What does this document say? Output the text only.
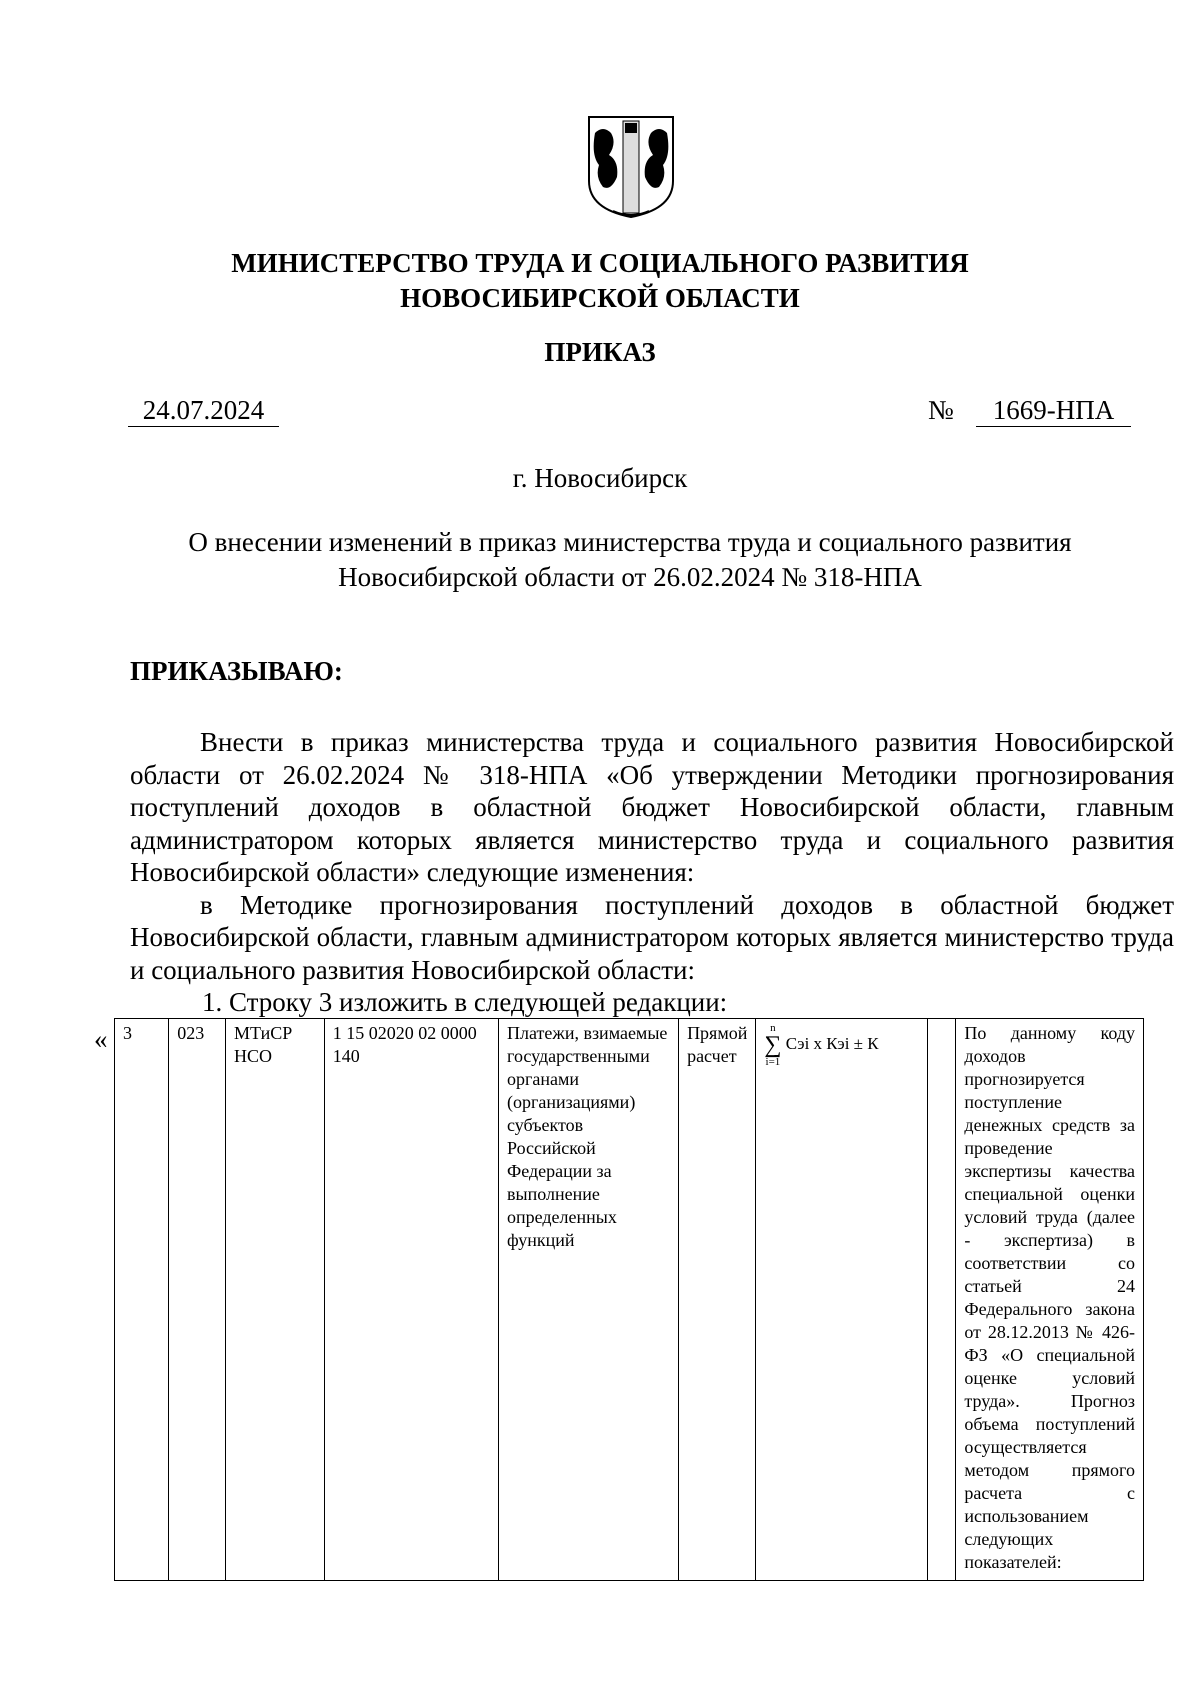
МИНИСТЕРСТВО ТРУДА И СОЦИАЛЬНОГО РАЗВИТИЯ
НОВОСИБИРСКОЙ ОБЛАСТИ
ПРИКАЗ
24.07.2024	№	1669-НПА
г. Новосибирск
О внесении изменений в приказ министерства труда и социального развития
Новосибирской области от 26.02.2024 № 318-НПА
ПРИКАЗЫВАЮ:

Внести в приказ министерства труда и социального развития Новосибирской области от 26.02.2024 № 318-НПА «Об утверждении Методики прогнозирования поступлений доходов в областной бюджет Новосибирской области, главным администратором которых является министерство труда и социального развития Новосибирской области» следующие изменения:

в Методике прогнозирования поступлений доходов в областной бюджет Новосибирской области, главным администратором которых является министерство труда и социального развития Новосибирской области:

1. Строку 3 изложить в следующей редакции:

« 3	023	МТиСР НСО	1 15 02020 02 0000 140	Платежи, взимаемые государственными органами (организациями) субъектов Российской Федерации за выполнение определенных функций	Прямой расчет	
n
∑
i=1
Сэi x Кэi ± К		По данному коду доходов прогнозируется поступление денежных средств за проведение экспертизы качества специальной оценки условий труда (далее - экспертиза) в соответствии со статьей 24 Федерального закона от 28.12.2013 № 426-ФЗ «О специальной оценке условий труда». Прогноз объема поступлений осуществляется методом прямого расчета с использованием следующих показателей:
